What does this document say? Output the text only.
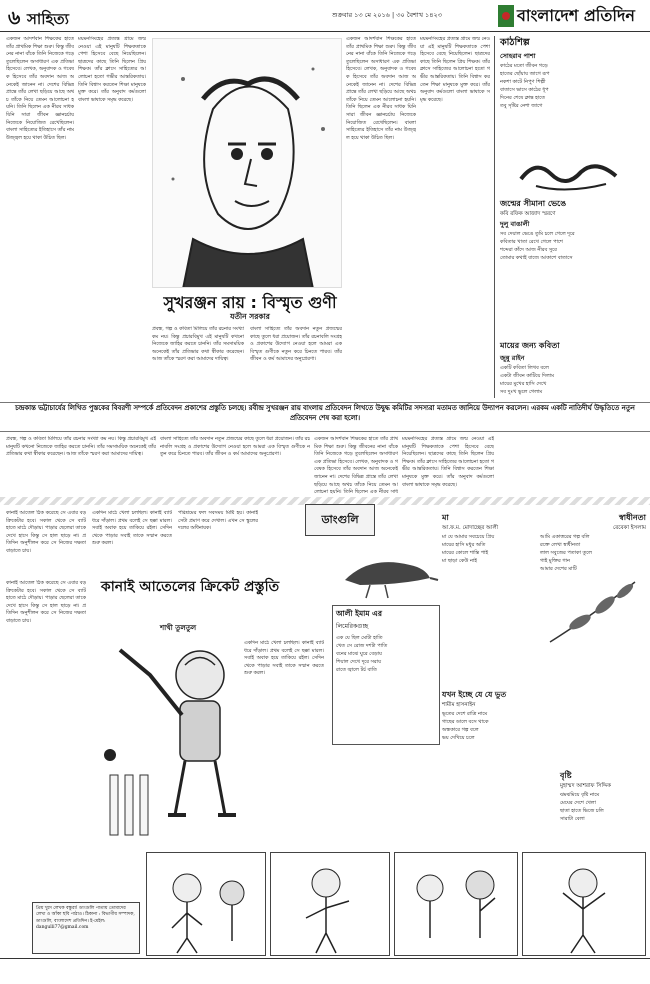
৬ সাহিত্য	শুক্রবার ১৩ মে ২০১৬ | ৩০ বৈশাখ ১৪২৩	বাংলাদেশ প্রতিদিন
একজন আদর্শবান শিক্ষকের হাতে তাঁর প্রাথমিক শিক্ষা শুরু। কিন্তু জীবনের নানা বাঁকে তিনি নিজেকে গড়ে তুলেছিলেন অসাধারণ এক প্রতিভা হিসেবে। লেখক, অনুবাদক ও গবেষক হিসেবে তাঁর অবদান আজ অনেকেই জানেন না। দেশের বিভিন্ন প্রান্তে তাঁর লেখা ছড়িয়ে আছে অথচ তাঁকে নিয়ে তেমন আলোচনা হয়নি। তিনি ছিলেন এক নীরব সাধক যিনি সারা জীবন জ্ঞানচর্চায় নিজেকে নিয়োজিত রেখেছিলেন। বাংলা সাহিত্যের ইতিহাসে তাঁর নাম উজ্জ্বল হয়ে থাকা উচিত ছিল।
ময়মনসিংহের প্রত্যন্ত গ্রামে জন্ম নেওয়া এই মানুষটি শিক্ষকতাকে পেশা হিসেবে বেছে নিয়েছিলেন। ছাত্রদের কাছে তিনি ছিলেন প্রিয় শিক্ষক। তাঁর ক্লাসে সাহিত্যের আলোচনা হতো গভীর আন্তরিকতায়। তিনি বিশ্বাস করতেন শিক্ষা মানুষকে মুক্ত করে। তাঁর অনুবাদ কর্মগুলো বাংলা ভাষাকে সমৃদ্ধ করেছে।
সুখরঞ্জন রায় : বিস্মৃত গুণী
যতীন সরকার
প্রবন্ধ, গল্প ও কবিতা মিলিয়ে তাঁর রচনার সংখ্যা কম নয়। কিন্তু প্রচারবিমুখ এই মানুষটি কখনো নিজেকে জাহির করতে চাননি। তাঁর সমসাময়িক অনেকেই তাঁর প্রতিভার কথা স্বীকার করেছেন। আজ তাঁকে স্মরণ করা আমাদের দায়িত্ব।
বাংলা সাহিত্যে তাঁর অবদান নতুন প্রজন্মের কাছে তুলে ধরা প্রয়োজন। তাঁর রচনাবলি সংগ্রহ ও প্রকাশের উদ্যোগ নেওয়া হলে আমরা এক বিস্মৃত গুণীকে নতুন করে চিনতে পারব। তাঁর জীবন ও কর্ম আমাদের অনুপ্রেরণা।
একজন আদর্শবান শিক্ষকের হাতে তাঁর প্রাথমিক শিক্ষা শুরু। কিন্তু জীবনের নানা বাঁকে তিনি নিজেকে গড়ে তুলেছিলেন অসাধারণ এক প্রতিভা হিসেবে। লেখক, অনুবাদক ও গবেষক হিসেবে তাঁর অবদান আজ অনেকেই জানেন না। দেশের বিভিন্ন প্রান্তে তাঁর লেখা ছড়িয়ে আছে অথচ তাঁকে নিয়ে তেমন আলোচনা হয়নি। তিনি ছিলেন এক নীরব সাধক যিনি সারা জীবন জ্ঞানচর্চায় নিজেকে নিয়োজিত রেখেছিলেন। বাংলা সাহিত্যের ইতিহাসে তাঁর নাম উজ্জ্বল হয়ে থাকা উচিত ছিল।
ময়মনসিংহের প্রত্যন্ত গ্রামে জন্ম নেওয়া এই মানুষটি শিক্ষকতাকে পেশা হিসেবে বেছে নিয়েছিলেন। ছাত্রদের কাছে তিনি ছিলেন প্রিয় শিক্ষক। তাঁর ক্লাসে সাহিত্যের আলোচনা হতো গভীর আন্তরিকতায়। তিনি বিশ্বাস করতেন শিক্ষা মানুষকে মুক্ত করে। তাঁর অনুবাদ কর্মগুলো বাংলা ভাষাকে সমৃদ্ধ করেছে।
কাঠশিল্প
সোহরাব পাশা
কাঠের মতো জীবন গড়ে
হাতের ছোঁয়ায় জাগে রূপ
নকশা কাটে নিপুণ শিল্পী
বাতাসে ভাসে কাঠের ধূপ
দিনের শেষে ক্লান্ত হাতে
তবু সৃষ্টির নেশা জাগে
জন্মের সীমানা ভেঙে
কবি রফিক আজাদ স্মরণে
দুলু বাঙালী
সব দেয়াল ভেঙে তুমি চলে গেলে দূরে
কবিতার খাতা রেখে গেলে পাশে
শব্দেরা কাঁদে আজ নীরব সুরে
তোমার কথাই বাজে আকাশে বাতাসে
মায়ের জন্য কবিতা
জুন্নু রাইন
একটি কবিতা লিখব বলে
একটা জীবন কাটিয়ে দিলাম
মায়ের মুখের হাসি দেখে
সব দুঃখ ভুলে গেলাম
চন্দ্রকান্ত ভট্টাচার্যের লিখিত পুস্তকের বিবরণী সম্পর্কে প্রতিবেদন প্রকাশের প্রস্তুতি চলছে। রবীন্দ্র সুখরঞ্জন রায় বাংলায় প্রতিবেদন লিখতে উদ্বুদ্ধ কমিটির সদস্যরা মতামত জানিয়ে উদ্যাপন করলেন। এরকম একটি নাতিদীর্ঘ উদ্ধৃতিতে নতুন প্রতিবেদন শেষ করা হলো।
প্রবন্ধ, গল্প ও কবিতা মিলিয়ে তাঁর রচনার সংখ্যা কম নয়। কিন্তু প্রচারবিমুখ এই মানুষটি কখনো নিজেকে জাহির করতে চাননি। তাঁর সমসাময়িক অনেকেই তাঁর প্রতিভার কথা স্বীকার করেছেন। আজ তাঁকে স্মরণ করা আমাদের দায়িত্ব।
বাংলা সাহিত্যে তাঁর অবদান নতুন প্রজন্মের কাছে তুলে ধরা প্রয়োজন। তাঁর রচনাবলি সংগ্রহ ও প্রকাশের উদ্যোগ নেওয়া হলে আমরা এক বিস্মৃত গুণীকে নতুন করে চিনতে পারব। তাঁর জীবন ও কর্ম আমাদের অনুপ্রেরণা।
একজন আদর্শবান শিক্ষকের হাতে তাঁর প্রাথমিক শিক্ষা শুরু। কিন্তু জীবনের নানা বাঁকে তিনি নিজেকে গড়ে তুলেছিলেন অসাধারণ এক প্রতিভা হিসেবে। লেখক, অনুবাদক ও গবেষক হিসেবে তাঁর অবদান আজ অনেকেই জানেন না। দেশের বিভিন্ন প্রান্তে তাঁর লেখা ছড়িয়ে আছে অথচ তাঁকে নিয়ে তেমন আলোচনা হয়নি। তিনি ছিলেন এক নীরব সাধ
ময়মনসিংহের প্রত্যন্ত গ্রামে জন্ম নেওয়া এই মানুষটি শিক্ষকতাকে পেশা হিসেবে বেছে নিয়েছিলেন। ছাত্রদের কাছে তিনি ছিলেন প্রিয় শিক্ষক। তাঁর ক্লাসে সাহিত্যের আলোচনা হতো গভীর আন্তরিকতায়। তিনি বিশ্বাস করতেন শিক্ষা মানুষকে মুক্ত করে। তাঁর অনুবাদ কর্মগুলো বাংলা ভাষাকে সমৃদ্ধ করেছে।
ডাংগুলি
কানাই আতেল ঠিক করেছে সে এবার বড় ক্রিকেটার হবে। সকাল থেকে সে ব্যাট হাতে মাঠে দৌড়ায়। পাড়ার ছেলেরা তাকে দেখে হাসে কিন্তু সে হাল ছাড়ে না। প্রতিদিন অনুশীলন করে সে নিজের দক্ষতা বাড়াতে চায়।
একদিন মাঠে খেলা চলছিল। কানাই ব্যাট ধরে দাঁড়াল। প্রথম বলেই সে ছক্কা মারল। সবাই অবাক হয়ে তাকিয়ে রইল। সেদিন থেকে পাড়ার সবাই তাকে সম্মান করতে শুরু করল।
পরিশ্রমের ফল সবসময় মিষ্টি হয়। কানাই সেটা প্রমাণ করে দেখাল। এখন সে স্কুলের দলের অধিনায়ক।
কানাই আতেলের ক্রিকেট প্রস্তুতি
শাখী তুলতুল
কানাই আতেল ঠিক করেছে সে এবার বড় ক্রিকেটার হবে। সকাল থেকে সে ব্যাট হাতে মাঠে দৌড়ায়। পাড়ার ছেলেরা তাকে দেখে হাসে কিন্তু সে হাল ছাড়ে না। প্রতিদিন অনুশীলন করে সে নিজের দক্ষতা বাড়াতে চায়।
একদিন মাঠে খেলা চলছিল। কানাই ব্যাট ধরে দাঁড়াল। প্রথম বলেই সে ছক্কা মারল। সবাই অবাক হয়ে তাকিয়ে রইল। সেদিন থেকে পাড়ার সবাই তাকে সম্মান করতে শুরু করল।
আলী ইমাম এর
লিমেরিকগুচ্ছ
এক যে ছিল মোটা হাতি
খেত সে রোজ দশটা পাতি
বনের মাঝে ঘুরে বেড়ায়
শিয়াল দেখে দূরে সরায়
রাতে জ্বালে টর্চ বাতি
মা
আ.ফ.ম. মোদাচ্ছের আলী
মা যে আমার সবচেয়ে প্রিয়
মায়ের হাসি মধুর অতি
মায়ের কোলে শান্তি পাই
মা ছাড়া কেউ নাই
যখন ইচ্ছে যে যে ভুত
শামীম হাসনাইন
ভূতের দেশে রাত্রি নামে
গাছের ডালে বসে থাকে
অন্ধকারে গল্প বলে
ভয় দেখিয়ে চলে
স্বাধীনতা
রেবেকা ইসলাম
আমি একাত্তরের গল্প বলি
রক্তে লেখা স্বাধীনতা
লাল সবুজের পতাকা তুলে
গাই মুক্তির গান
আমার দেশের মাটি
বৃষ্টি
মুহাম্মদ আশরাফ সিদ্দিক
ঝমঝমিয়ে বৃষ্টি নামে
মেঘের দেশে খেলা
ছাতা হাতে ভিজে চলি
সারাটা বেলা
প্রিয় খুদে লেখক বন্ধুরা! ডাংগুলি পাতায় তোমাদের লেখা ও আঁকা ছবি পাঠাও। ঠিকানা : বিভাগীয় সম্পাদক, ডাংগুলি, বাংলাদেশ প্রতিদিন। ই-মেইল: dangulli77@gmail.com
